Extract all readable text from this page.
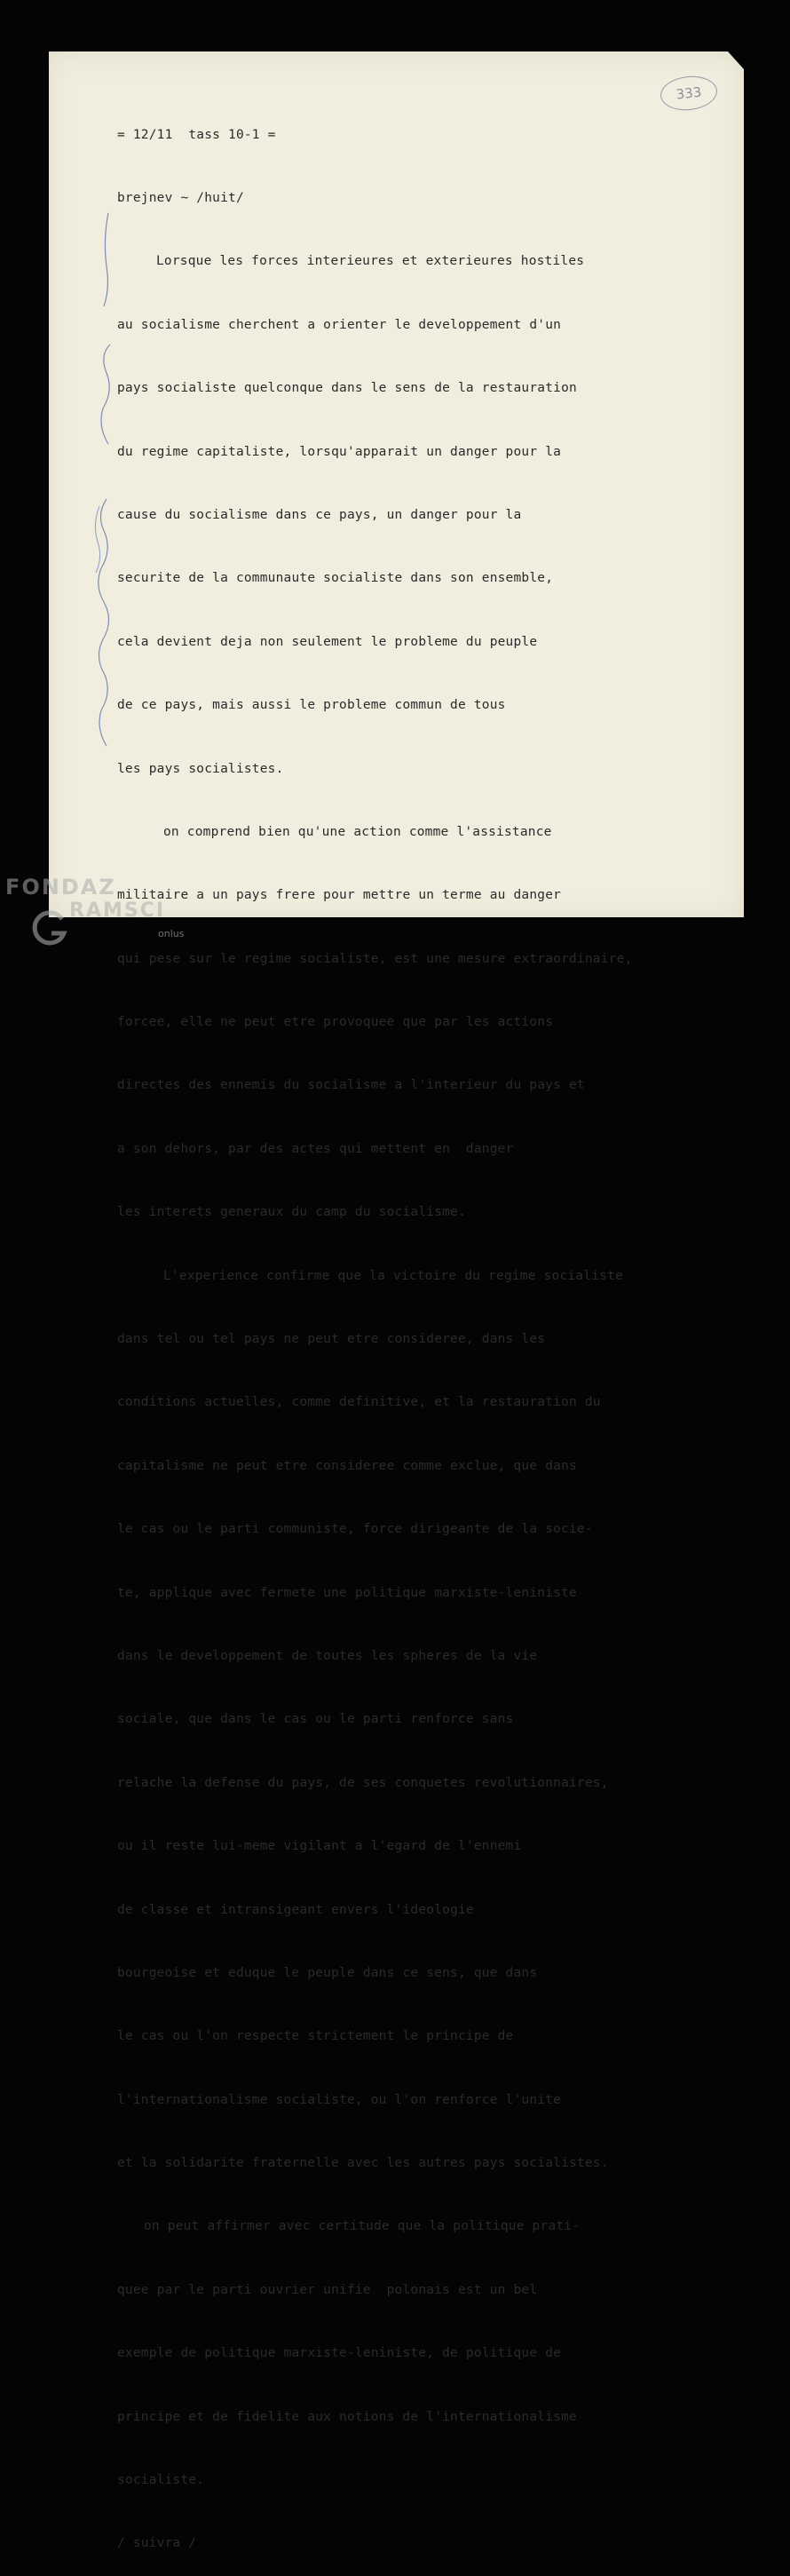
333

= 12/11  tass 10-1 =

brejnev ~ /huit/

Lorsque les forces interieures et exterieures hostiles

au socialisme cherchent a orienter le developpement d'un

pays socialiste quelconque dans le sens de la restauration

du regime capitaliste, lorsqu'apparait un danger pour la

cause du socialisme dans ce pays, un danger pour la

securite de la communaute socialiste dans son ensemble,

cela devient deja non seulement le probleme du peuple

de ce pays, mais aussi le probleme commun de tous

les pays socialistes.

on comprend bien qu'une action comme l'assistance

militaire a un pays frere pour mettre un terme au danger

qui pese sur le regime socialiste, est une mesure extraordinaire,

forcee, elle ne peut etre provoquee que par les actions

directes des ennemis du socialisme a l'interieur du pays et

a son dehors, par des actes qui mettent en  danger

les interets generaux du camp du socialisme.

L'experience confirme que la victoire du regime socialiste

dans tel ou tel pays ne peut etre consideree, dans les

conditions actuelles, comme definitive, et la restauration du

capitalisme ne peut etre consideree comme exclue, que dans

le cas ou le parti communiste, force dirigeante de la socie-

te, applique avec fermete une politique marxiste-leniniste

dans le developpement de toutes les spheres de la vie

sociale, que dans le cas ou le parti renforce sans

relache la defense du pays, de ses conquetes revolutionnaires,

ou il reste lui-meme vigilant a l'egard de l'ennemi

de classe et intransigeant envers l'ideologie

bourgeoise et eduque le peuple dans ce sens, que dans

le cas ou l'on respecte strictement le principe de

l'internationalisme socialiste, ou l'on renforce l'unite

et la solidarite fraternelle avec les autres pays socialistes.

on peut affirmer avec certitude que la politique prati-

quee par le parti ouvrier unifie  polonais est un bel

exemple de politique marxiste-leniniste, de politique de

principe et de fidelite aux notions de l'internationalisme

socialiste.

/ suivra /

FONDAZ
RAMSCI
onlus
